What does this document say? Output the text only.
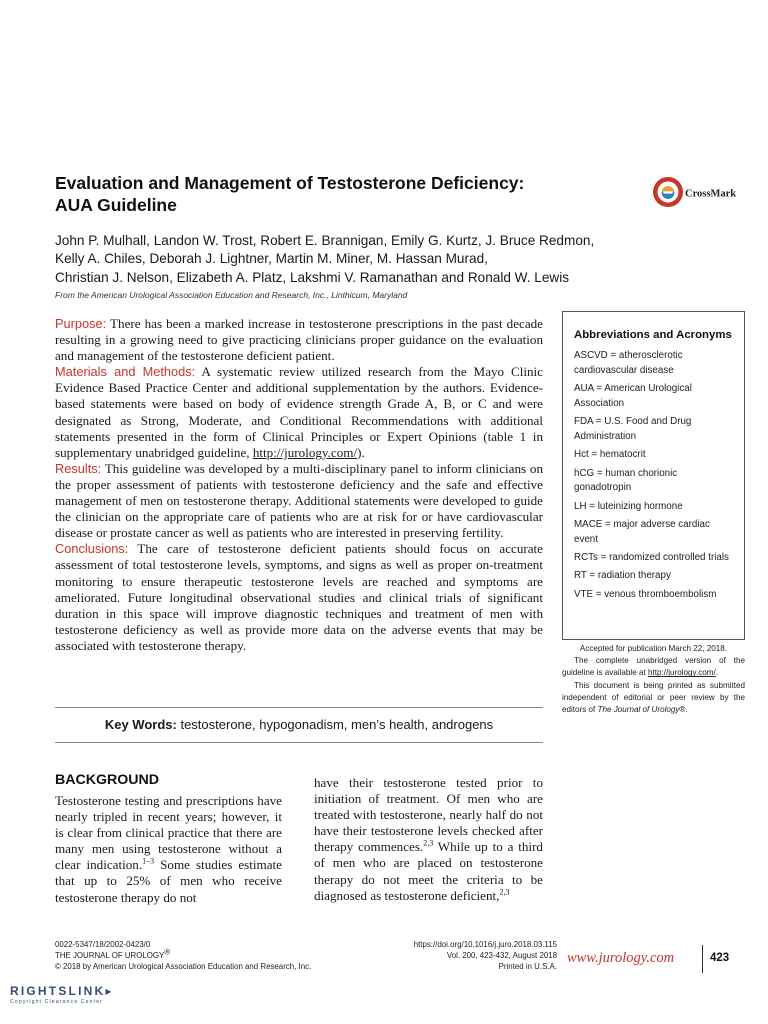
Evaluation and Management of Testosterone Deficiency:
AUA Guideline
CrossMark
John P. Mulhall, Landon W. Trost, Robert E. Brannigan, Emily G. Kurtz, J. Bruce Redmon,
Kelly A. Chiles, Deborah J. Lightner, Martin M. Miner, M. Hassan Murad,
Christian J. Nelson, Elizabeth A. Platz, Lakshmi V. Ramanathan and Ronald W. Lewis
From the American Urological Association Education and Research, Inc., Linthicum, Maryland

Purpose: There has been a marked increase in testosterone prescriptions in the past decade resulting in a growing need to give practicing clinicians proper guidance on the evaluation and management of the testosterone deficient patient.

Materials and Methods: A systematic review utilized research from the Mayo Clinic Evidence Based Practice Center and additional supplementation by the authors. Evidence-based statements were based on body of evidence strength Grade A, B, or C and were designated as Strong, Moderate, and Conditional Recommendations with additional statements presented in the form of Clinical Principles or Expert Opinions (table 1 in supplementary unabridged guideline, http://jurology.com/).

Results: This guideline was developed by a multi-disciplinary panel to inform clinicians on the proper assessment of patients with testosterone deficiency and the safe and effective management of men on testosterone therapy. Additional statements were developed to guide the clinician on the appropriate care of patients who are at risk for or have cardiovascular disease or prostate cancer as well as patients who are interested in preserving fertility.

Conclusions: The care of testosterone deficient patients should focus on accurate assessment of total testosterone levels, symptoms, and signs as well as proper on-treatment monitoring to ensure therapeutic testosterone levels are reached and symptoms are ameliorated. Future longitudinal observational studies and clinical trials of significant duration in this space will improve diagnostic techniques and treatment of men with testosterone deficiency as well as provide more data on the adverse events that may be associated with testosterone therapy.

Abbreviations and Acronyms
ASCVD = atherosclerotic cardiovascular disease
AUA = American Urological Association
FDA = U.S. Food and Drug Administration
Hct = hematocrit
hCG = human chorionic gonadotropin
LH = luteinizing hormone
MACE = major adverse cardiac event
RCTs = randomized controlled trials
RT = radiation therapy
VTE = venous thromboembolism
Accepted for publication March 22, 2018.
The complete unabridged version of the guideline is available at http://jurology.com/.
This document is being printed as submitted independent of editorial or peer review by the editors of The Journal of Urology®.
Key Words: testosterone, hypogonadism, men’s health, androgens
BACKGROUND
Testosterone testing and prescriptions have nearly tripled in recent years; however, it is clear from clinical practice that there are many men using testosterone without a clear indication.$^{1-3}$ Some studies estimate that up to 25% of men who receive testosterone therapy do not
have their testosterone tested prior to initiation of treatment. Of men who are treated with testosterone, nearly half do not have their testosterone levels checked after therapy commences.$^{2,3}$ While up to a third of men who are placed on testosterone therapy do not meet the criteria to be diagnosed as testosterone deficient,$^{2,3}$
0022-5347/18/2002-0423/0
THE JOURNAL OF UROLOGY®
© 2018 by American Urological Association Education and Research, Inc.
https://doi.org/10.1016/j.juro.2018.03.115
Vol. 200, 423-432, August 2018
Printed in U.S.A.
www.jurology.com	423
RIGHTSLINK▸
Copyright Clearance Center
